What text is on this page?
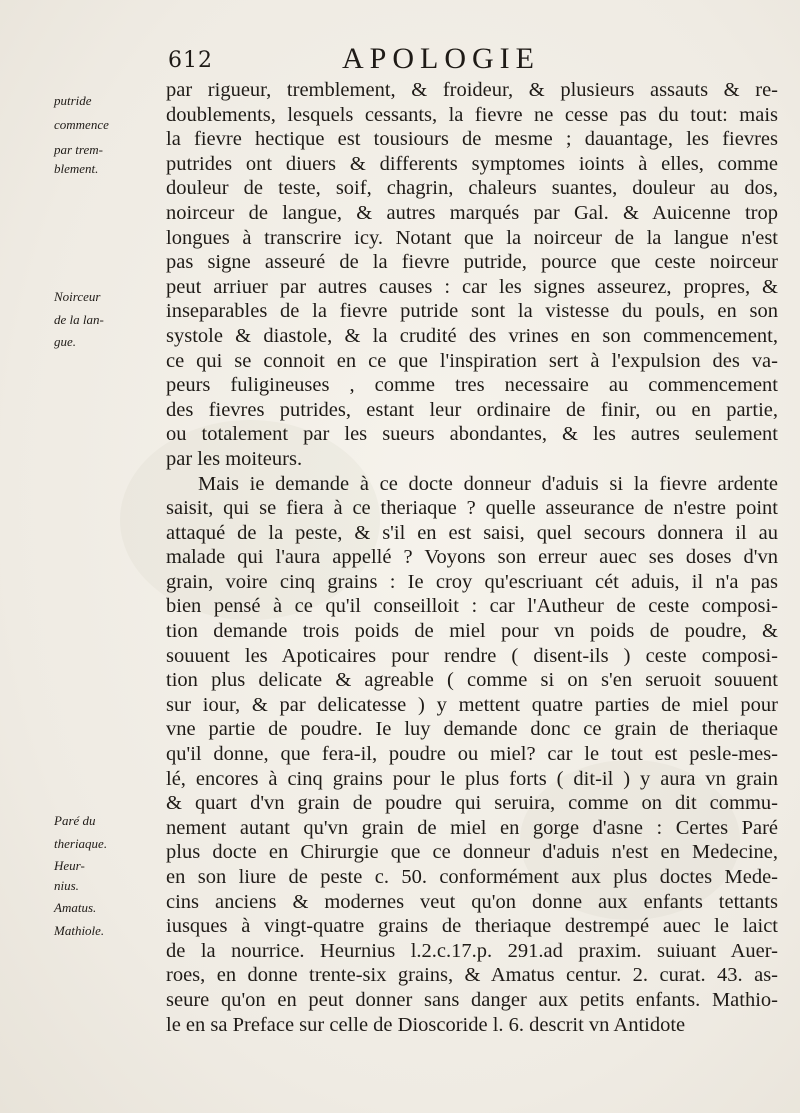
612	APOLOGIE
putride
commence
par trem-
blement.
Noirceur
de la lan-
gue.
Paré du
theriaque.
Heur-
nius.
Amatus.
Mathiole.
par rigueur, tremblement, & froideur, & plusieurs assauts & re-
doublements, lesquels cessants, la fievre ne cesse pas du tout: mais
la fievre hectique est tousiours de mesme ; dauantage, les fievres
putrides ont diuers & differents symptomes ioints à elles, comme
douleur de teste, soif, chagrin, chaleurs suantes, douleur au dos,
noirceur de langue, & autres marqués par Gal. & Auicenne trop
longues à transcrire icy. Notant que la noirceur de la langue n'est
pas signe asseuré de la fievre putride, pource que ceste noirceur
peut arriuer par autres causes : car les signes asseurez, propres, &
inseparables de la fievre putride sont la vistesse du pouls, en son
systole & diastole, & la crudité des vrines en son commencement,
ce qui se connoit en ce que l'inspiration sert à l'expulsion des va-
peurs fuligineuses , comme tres necessaire au commencement
des fievres putrides, estant leur ordinaire de finir, ou en partie,
ou totalement par les sueurs abondantes, & les autres seulement
par les moiteurs.
Mais ie demande à ce docte donneur d'aduis si la fievre ardente
saisit, qui se fiera à ce theriaque ? quelle asseurance de n'estre point
attaqué de la peste, & s'il en est saisi, quel secours donnera il au
malade qui l'aura appellé ? Voyons son erreur auec ses doses d'vn
grain, voire cinq grains : Ie croy qu'escriuant cét aduis, il n'a pas
bien pensé à ce qu'il conseilloit : car l'Autheur de ceste composi-
tion demande trois poids de miel pour vn poids de poudre, &
souuent les Apoticaires pour rendre ( disent-ils ) ceste composi-
tion plus delicate & agreable ( comme si on s'en seruoit souuent
sur iour, & par delicatesse ) y mettent quatre parties de miel pour
vne partie de poudre. Ie luy demande donc ce grain de theriaque
qu'il donne, que fera-il, poudre ou miel? car le tout est pesle-mes-
lé, encores à cinq grains pour le plus forts ( dit-il ) y aura vn grain
& quart d'vn grain de poudre qui seruira, comme on dit commu-
nement autant qu'vn grain de miel en gorge d'asne : Certes Paré
plus docte en Chirurgie que ce donneur d'aduis n'est en Medecine,
en son liure de peste c. 50. conformément aux plus doctes Mede-
cins anciens & modernes veut qu'on donne aux enfants tettants
iusques à vingt-quatre grains de theriaque destrempé auec le laict
de la nourrice. Heurnius l.2.c.17.p. 291.ad praxim. suiuant Auer-
roes, en donne trente-six grains, & Amatus centur. 2. curat. 43. as-
seure qu'on en peut donner sans danger aux petits enfants. Mathio-
le en sa Preface sur celle de Dioscoride l. 6. descrit vn Antidote
